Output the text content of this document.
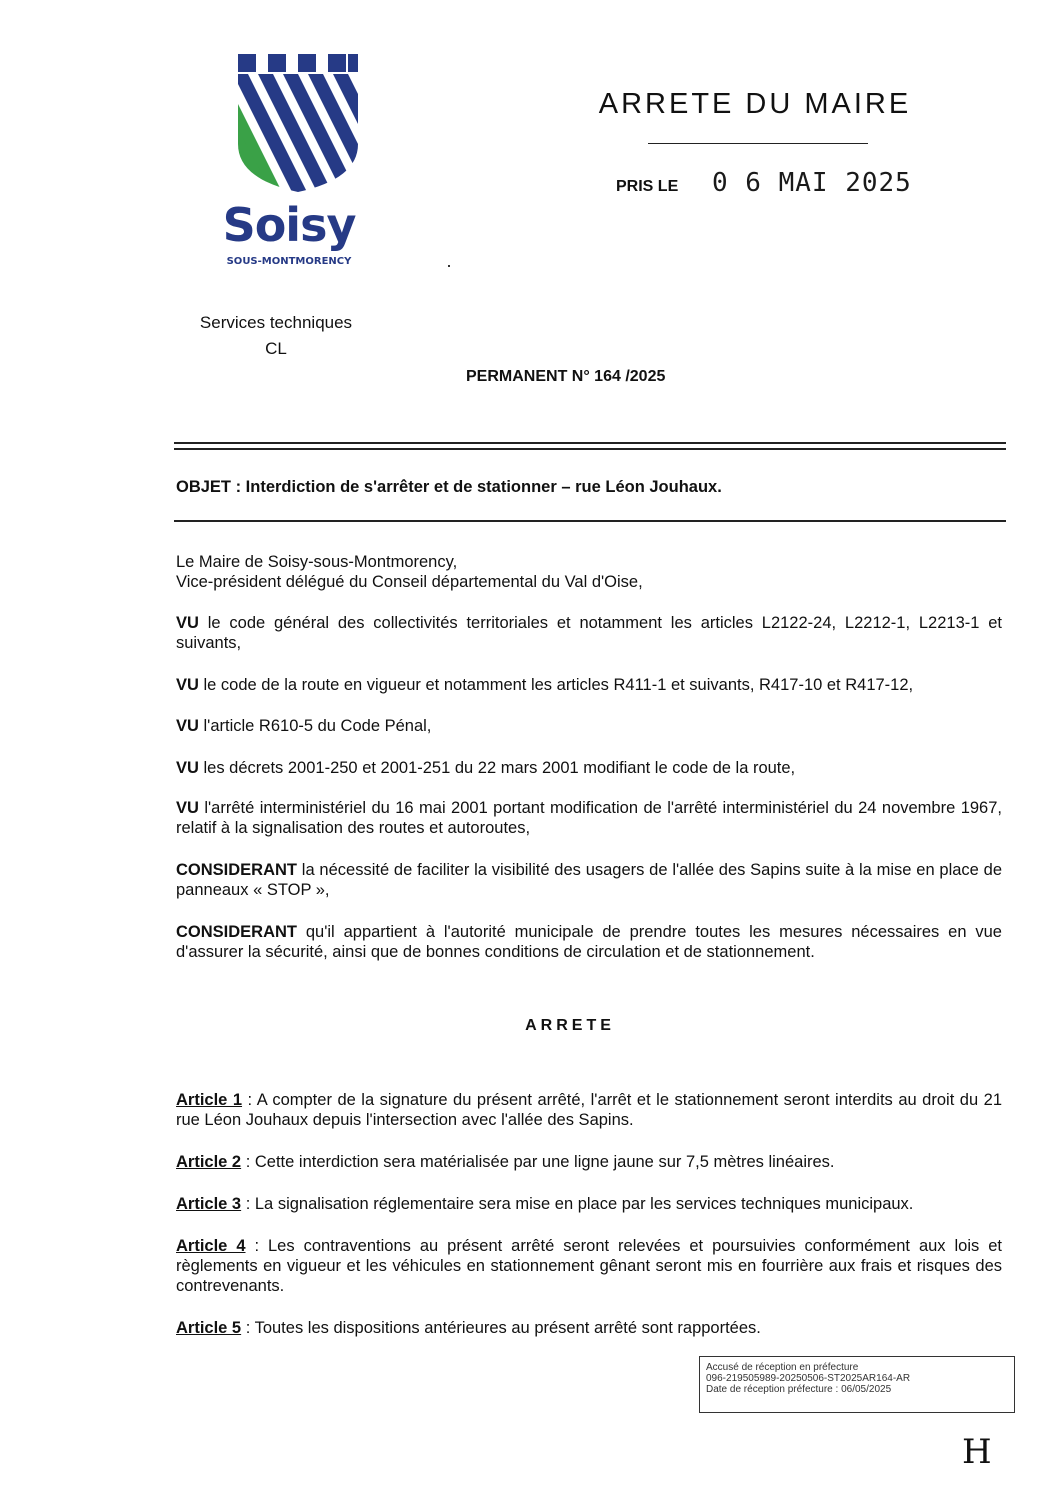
Soisy
SOUS-MONTMORENCY
Services techniques
CL
ARRETE DU MAIRE
PRIS LE 0 6 MAI 2025
PERMANENT N° 164 /2025
OBJET : Interdiction de s'arrêter et de stationner – rue Léon Jouhaux.
Le Maire de Soisy-sous-Montmorency,
Vice-président délégué du Conseil départemental du Val d'Oise,
VU le code général des collectivités territoriales et notamment les articles L2122-24, L2212-1, L2213-1 et suivants,
VU le code de la route en vigueur et notamment les articles R411-1 et suivants, R417-10 et R417-12,
VU l'article R610-5 du Code Pénal,
VU les décrets 2001-250 et 2001-251 du 22 mars 2001 modifiant le code de la route,
VU l'arrêté interministériel du 16 mai 2001 portant modification de l'arrêté interministériel du 24 novembre 1967, relatif à la signalisation des routes et autoroutes,
CONSIDERANT la nécessité de faciliter la visibilité des usagers de l'allée des Sapins suite à la mise en place de panneaux « STOP »,
CONSIDERANT qu'il appartient à l'autorité municipale de prendre toutes les mesures nécessaires en vue d'assurer la sécurité, ainsi que de bonnes conditions de circulation et de stationnement.
ARRETE
Article 1 : A compter de la signature du présent arrêté, l'arrêt et le stationnement seront interdits au droit du 21 rue Léon Jouhaux depuis l'intersection avec l'allée des Sapins.
Article 2 : Cette interdiction sera matérialisée par une ligne jaune sur 7,5 mètres linéaires.
Article 3 : La signalisation réglementaire sera mise en place par les services techniques municipaux.
Article 4 : Les contraventions au présent arrêté seront relevées et poursuivies conformément aux lois et règlements en vigueur et les véhicules en stationnement gênant seront mis en fourrière aux frais et risques des contrevenants.
Article 5 : Toutes les dispositions antérieures au présent arrêté sont rapportées.
Accusé de réception en préfecture
096-219505989-20250506-ST2025AR164-AR
Date de réception préfecture : 06/05/2025
H
